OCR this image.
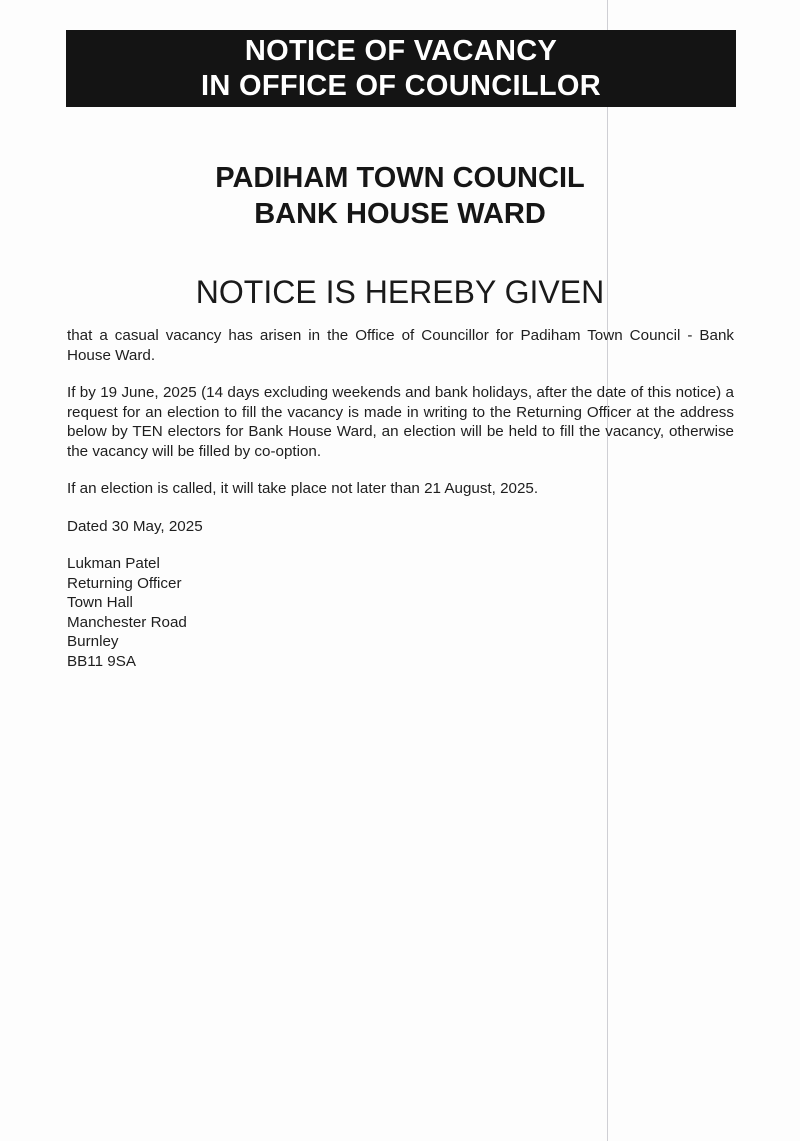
NOTICE OF VACANCY
IN OFFICE OF COUNCILLOR
PADIHAM TOWN COUNCIL
BANK HOUSE WARD
NOTICE IS HEREBY GIVEN

that a casual vacancy has arisen in the Office of Councillor for Padiham Town Council - Bank House Ward.

If by 19 June, 2025 (14 days excluding weekends and bank holidays, after the date of this notice) a request for an election to fill the vacancy is made in writing to the Returning Officer at the address below by TEN electors for Bank House Ward, an election will be held to fill the vacancy, otherwise the vacancy will be filled by co-option.

If an election is called, it will take place not later than 21 August, 2025.

Dated 30 May, 2025

Lukman Patel
Returning Officer
Town Hall
Manchester Road
Burnley
BB11 9SA
